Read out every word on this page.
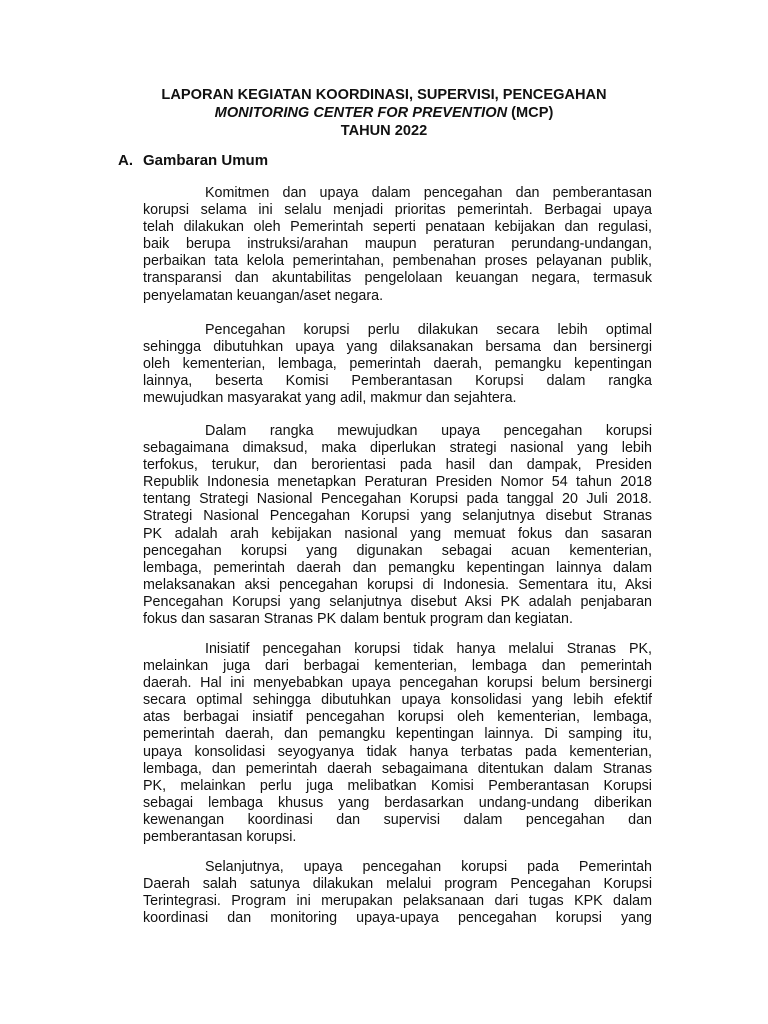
LAPORAN KEGIATAN KOORDINASI, SUPERVISI, PENCEGAHAN
MONITORING CENTER FOR PREVENTION (MCP)
TAHUN 2022
A. Gambaran Umum
Komitmen dan upaya dalam pencegahan dan pemberantasan
korupsi selama ini selalu menjadi prioritas pemerintah. Berbagai upaya
telah dilakukan oleh Pemerintah seperti penataan kebijakan dan regulasi,
baik berupa instruksi/arahan maupun peraturan perundang-undangan,
perbaikan tata kelola pemerintahan, pembenahan proses pelayanan publik,
transparansi dan akuntabilitas pengelolaan keuangan negara, termasuk
penyelamatan keuangan/aset negara.
Pencegahan korupsi perlu dilakukan secara lebih optimal
sehingga dibutuhkan upaya yang dilaksanakan bersama dan bersinergi
oleh kementerian, lembaga, pemerintah daerah, pemangku kepentingan
lainnya, beserta Komisi Pemberantasan Korupsi dalam rangka
mewujudkan masyarakat yang adil, makmur dan sejahtera.
Dalam rangka mewujudkan upaya pencegahan korupsi
sebagaimana dimaksud, maka diperlukan strategi nasional yang lebih
terfokus, terukur, dan berorientasi pada hasil dan dampak, Presiden
Republik Indonesia menetapkan Peraturan Presiden Nomor 54 tahun 2018
tentang Strategi Nasional Pencegahan Korupsi pada tanggal 20 Juli 2018.
Strategi Nasional Pencegahan Korupsi yang selanjutnya disebut Stranas
PK adalah arah kebijakan nasional yang memuat fokus dan sasaran
pencegahan korupsi yang digunakan sebagai acuan kementerian,
lembaga, pemerintah daerah dan pemangku kepentingan lainnya dalam
melaksanakan aksi pencegahan korupsi di Indonesia. Sementara itu, Aksi
Pencegahan Korupsi yang selanjutnya disebut Aksi PK adalah penjabaran
fokus dan sasaran Stranas PK dalam bentuk program dan kegiatan.
Inisiatif pencegahan korupsi tidak hanya melalui Stranas PK,
melainkan juga dari berbagai kementerian, lembaga dan pemerintah
daerah. Hal ini menyebabkan upaya pencegahan korupsi belum bersinergi
secara optimal sehingga dibutuhkan upaya konsolidasi yang lebih efektif
atas berbagai insiatif pencegahan korupsi oleh kementerian, lembaga,
pemerintah daerah, dan pemangku kepentingan lainnya. Di samping itu,
upaya konsolidasi seyogyanya tidak hanya terbatas pada kementerian,
lembaga, dan pemerintah daerah sebagaimana ditentukan dalam Stranas
PK, melainkan perlu juga melibatkan Komisi Pemberantasan Korupsi
sebagai lembaga khusus yang berdasarkan undang-undang diberikan
kewenangan koordinasi dan supervisi dalam pencegahan dan
pemberantasan korupsi.
Selanjutnya, upaya pencegahan korupsi pada Pemerintah
Daerah salah satunya dilakukan melalui program Pencegahan Korupsi
Terintegrasi. Program ini merupakan pelaksanaan dari tugas KPK dalam
koordinasi dan monitoring upaya-upaya pencegahan korupsi yang
